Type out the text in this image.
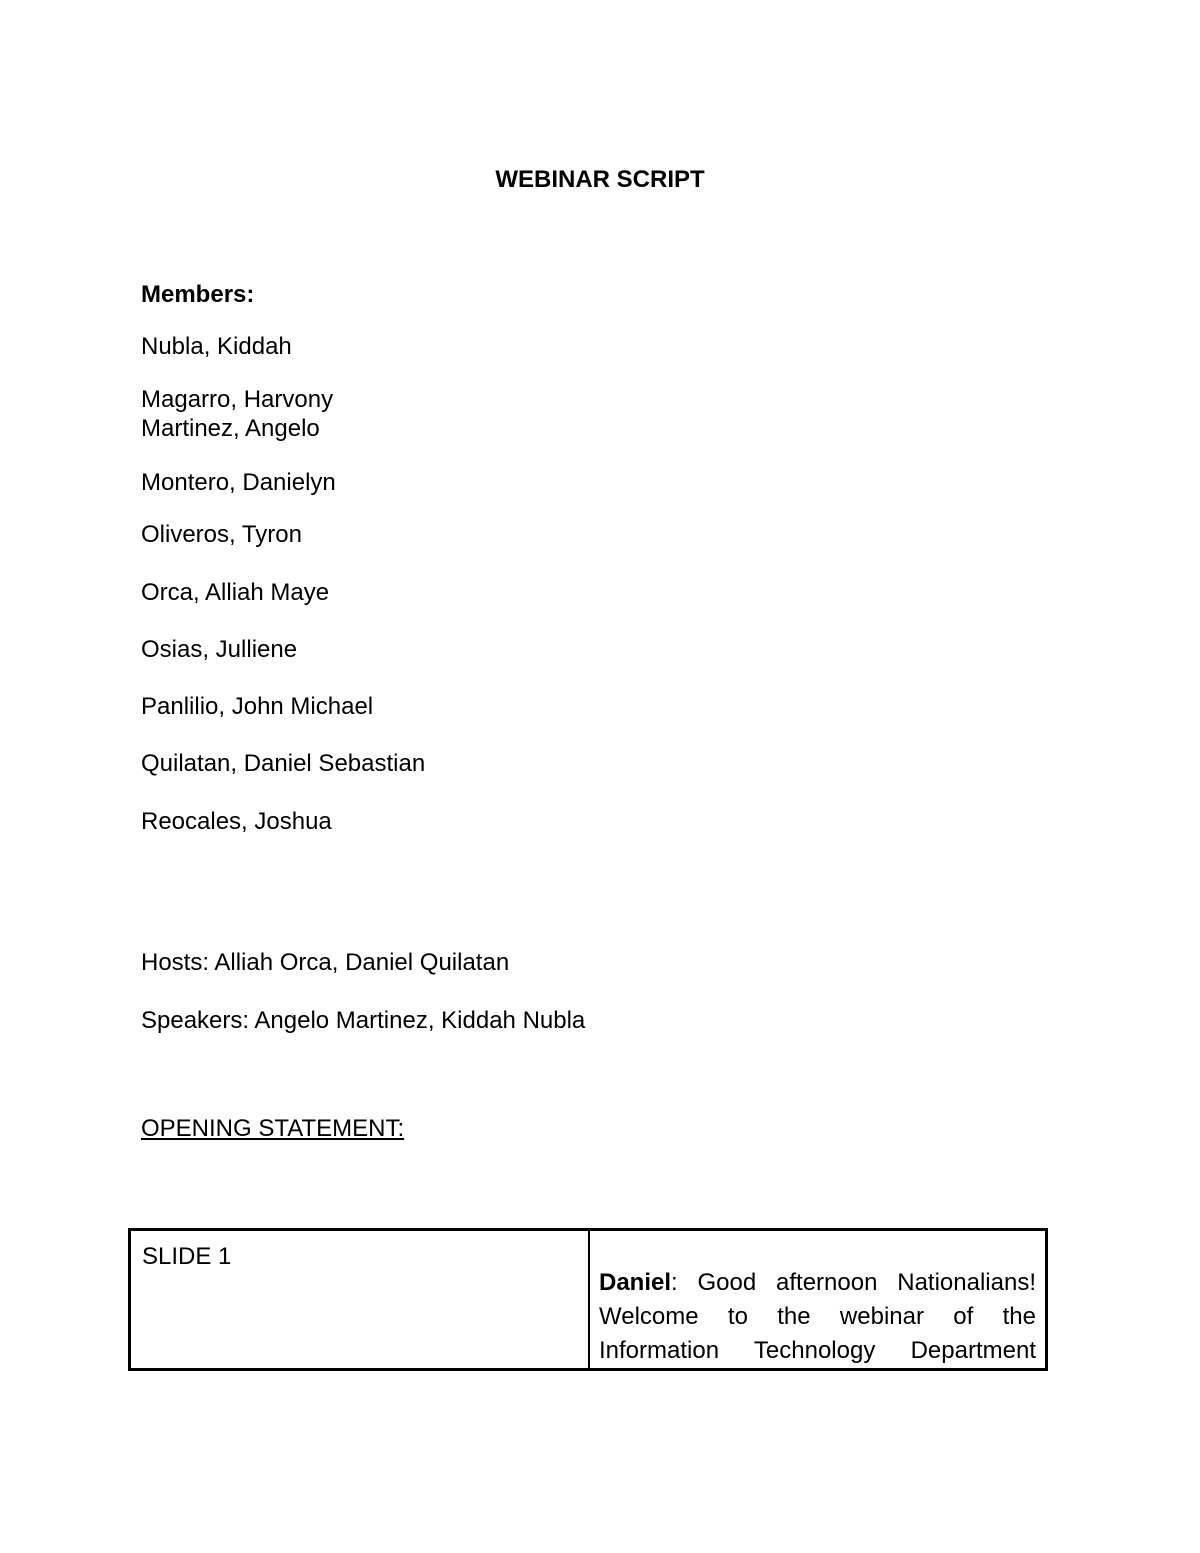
WEBINAR SCRIPT
Members:
Nubla, Kiddah
Magarro, Harvony
Martinez, Angelo
Montero, Danielyn
Oliveros, Tyron
Orca, Alliah Maye
Osias, Julliene
Panlilio, John Michael
Quilatan, Daniel Sebastian
Reocales, Joshua
Hosts: Alliah Orca, Daniel Quilatan
Speakers: Angelo Martinez, Kiddah Nubla
OPENING STATEMENT:
SLIDE 1
Daniel: Good afternoon Nationalians!
Welcome to the webinar of the
Information Technology Department
